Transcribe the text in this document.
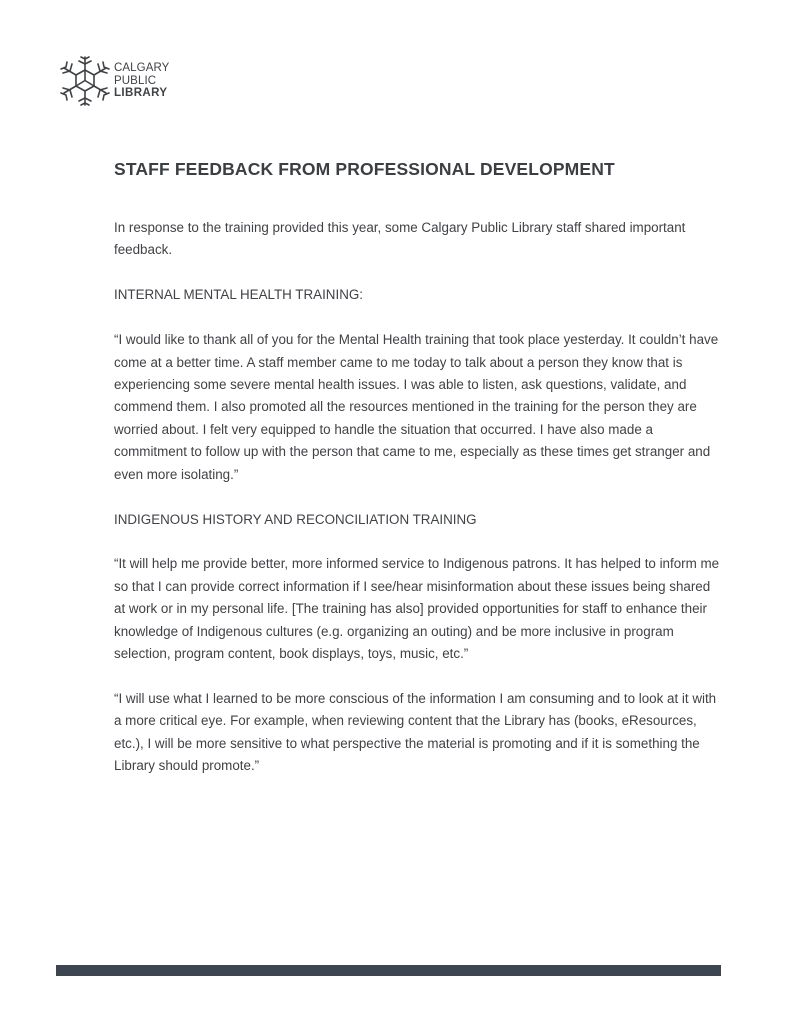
CALGARY
PUBLIC
LIBRARY
STAFF FEEDBACK FROM PROFESSIONAL DEVELOPMENT

In response to the training provided this year, some Calgary Public Library staff shared important feedback.

INTERNAL MENTAL HEALTH TRAINING:

“I would like to thank all of you for the Mental Health training that took place yesterday. It couldn’t have come at a better time. A staff member came to me today to talk about a person they know that is experiencing some severe mental health issues. I was able to listen, ask questions, validate, and commend them. I also promoted all the resources mentioned in the training for the person they are worried about. I felt very equipped to handle the situation that occurred. I have also made a commitment to follow up with the person that came to me, especially as these times get stranger and even more isolating.”

INDIGENOUS HISTORY AND RECONCILIATION TRAINING

“It will help me provide better, more informed service to Indigenous patrons. It has helped to inform me so that I can provide correct information if I see/hear misinformation about these issues being shared at work or in my personal life. [The training has also] provided opportunities for staff to enhance their knowledge of Indigenous cultures (e.g. organizing an outing) and be more inclusive in program selection, program content, book displays, toys, music, etc.”

“I will use what I learned to be more conscious of the information I am consuming and to look at it with a more critical eye. For example, when reviewing content that the Library has (books, eResources, etc.), I will be more sensitive to what perspective the material is promoting and if it is something the Library should promote.”
